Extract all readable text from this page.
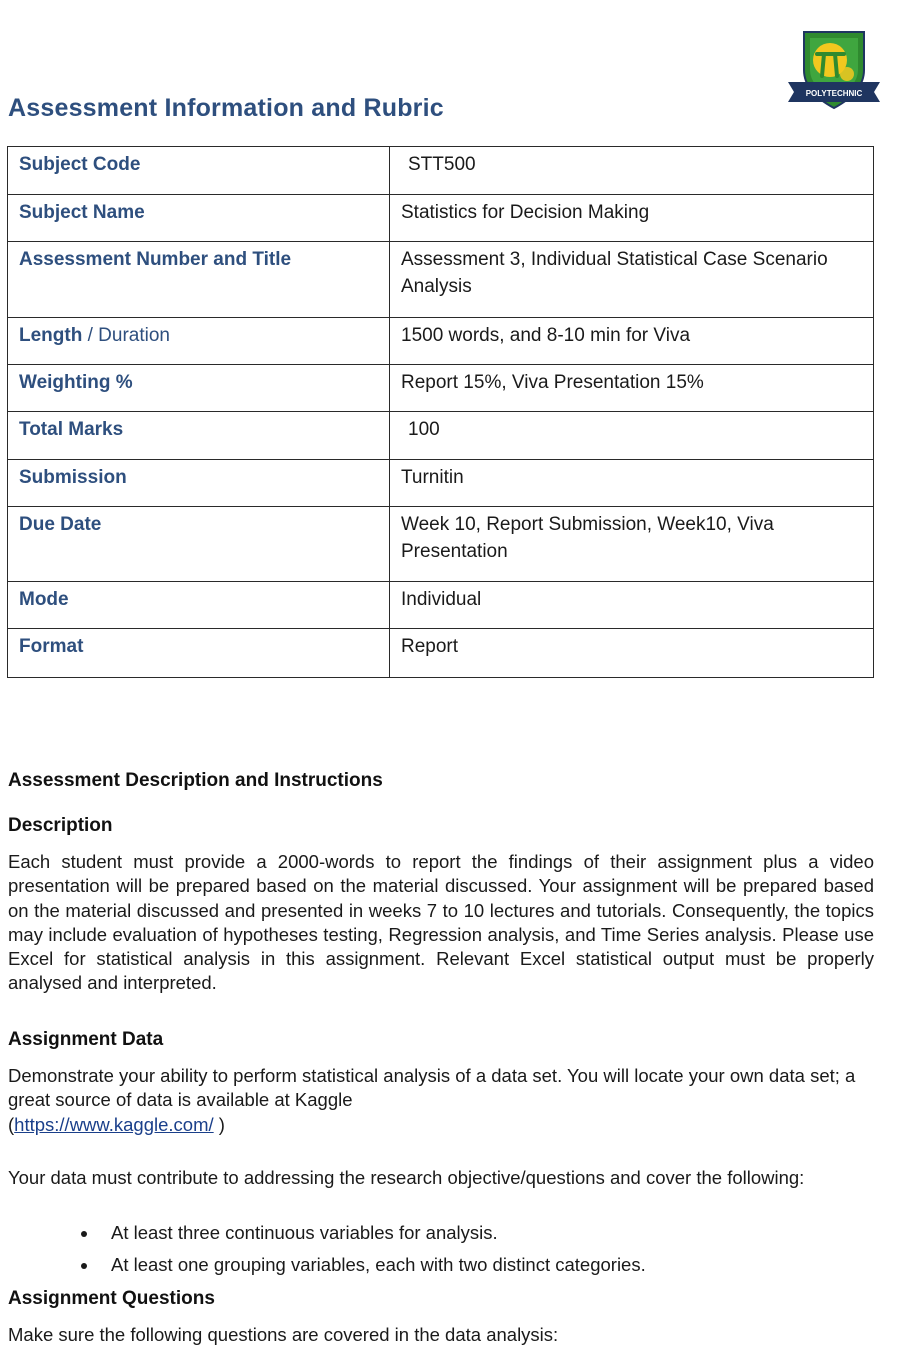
POLYTECHNIC
Assessment Information and Rubric
Subject Code	STT500
Subject Name	Statistics for Decision Making
Assessment Number and Title	Assessment 3, Individual Statistical Case Scenario Analysis
Length / Duration	1500 words, and 8-10 min for Viva
Weighting %	Report 15%, Viva Presentation 15%
Total Marks	100
Submission	Turnitin
Due Date	Week 10, Report Submission, Week10, Viva Presentation
Mode	Individual
Format	Report
Assessment Description and Instructions
Description

Each student must provide a 2000-words to report the findings of their assignment plus a video presentation will be prepared based on the material discussed. Your assignment will be prepared based on the material discussed and presented in weeks 7 to 10 lectures and tutorials. Consequently, the topics may include evaluation of hypotheses testing, Regression analysis, and Time Series analysis. Please use Excel for statistical analysis in this assignment. Relevant Excel statistical output must be properly analysed and interpreted.

Assignment Data

Demonstrate your ability to perform statistical analysis of a data set. You will locate your own data set; a great source of data is available at Kaggle
(https://www.kaggle.com/ )

Your data must contribute to addressing the research objective/questions and cover the following:

At least three continuous variables for analysis.
At least one grouping variables, each with two distinct categories.
Assignment Questions

Make sure the following questions are covered in the data analysis:
